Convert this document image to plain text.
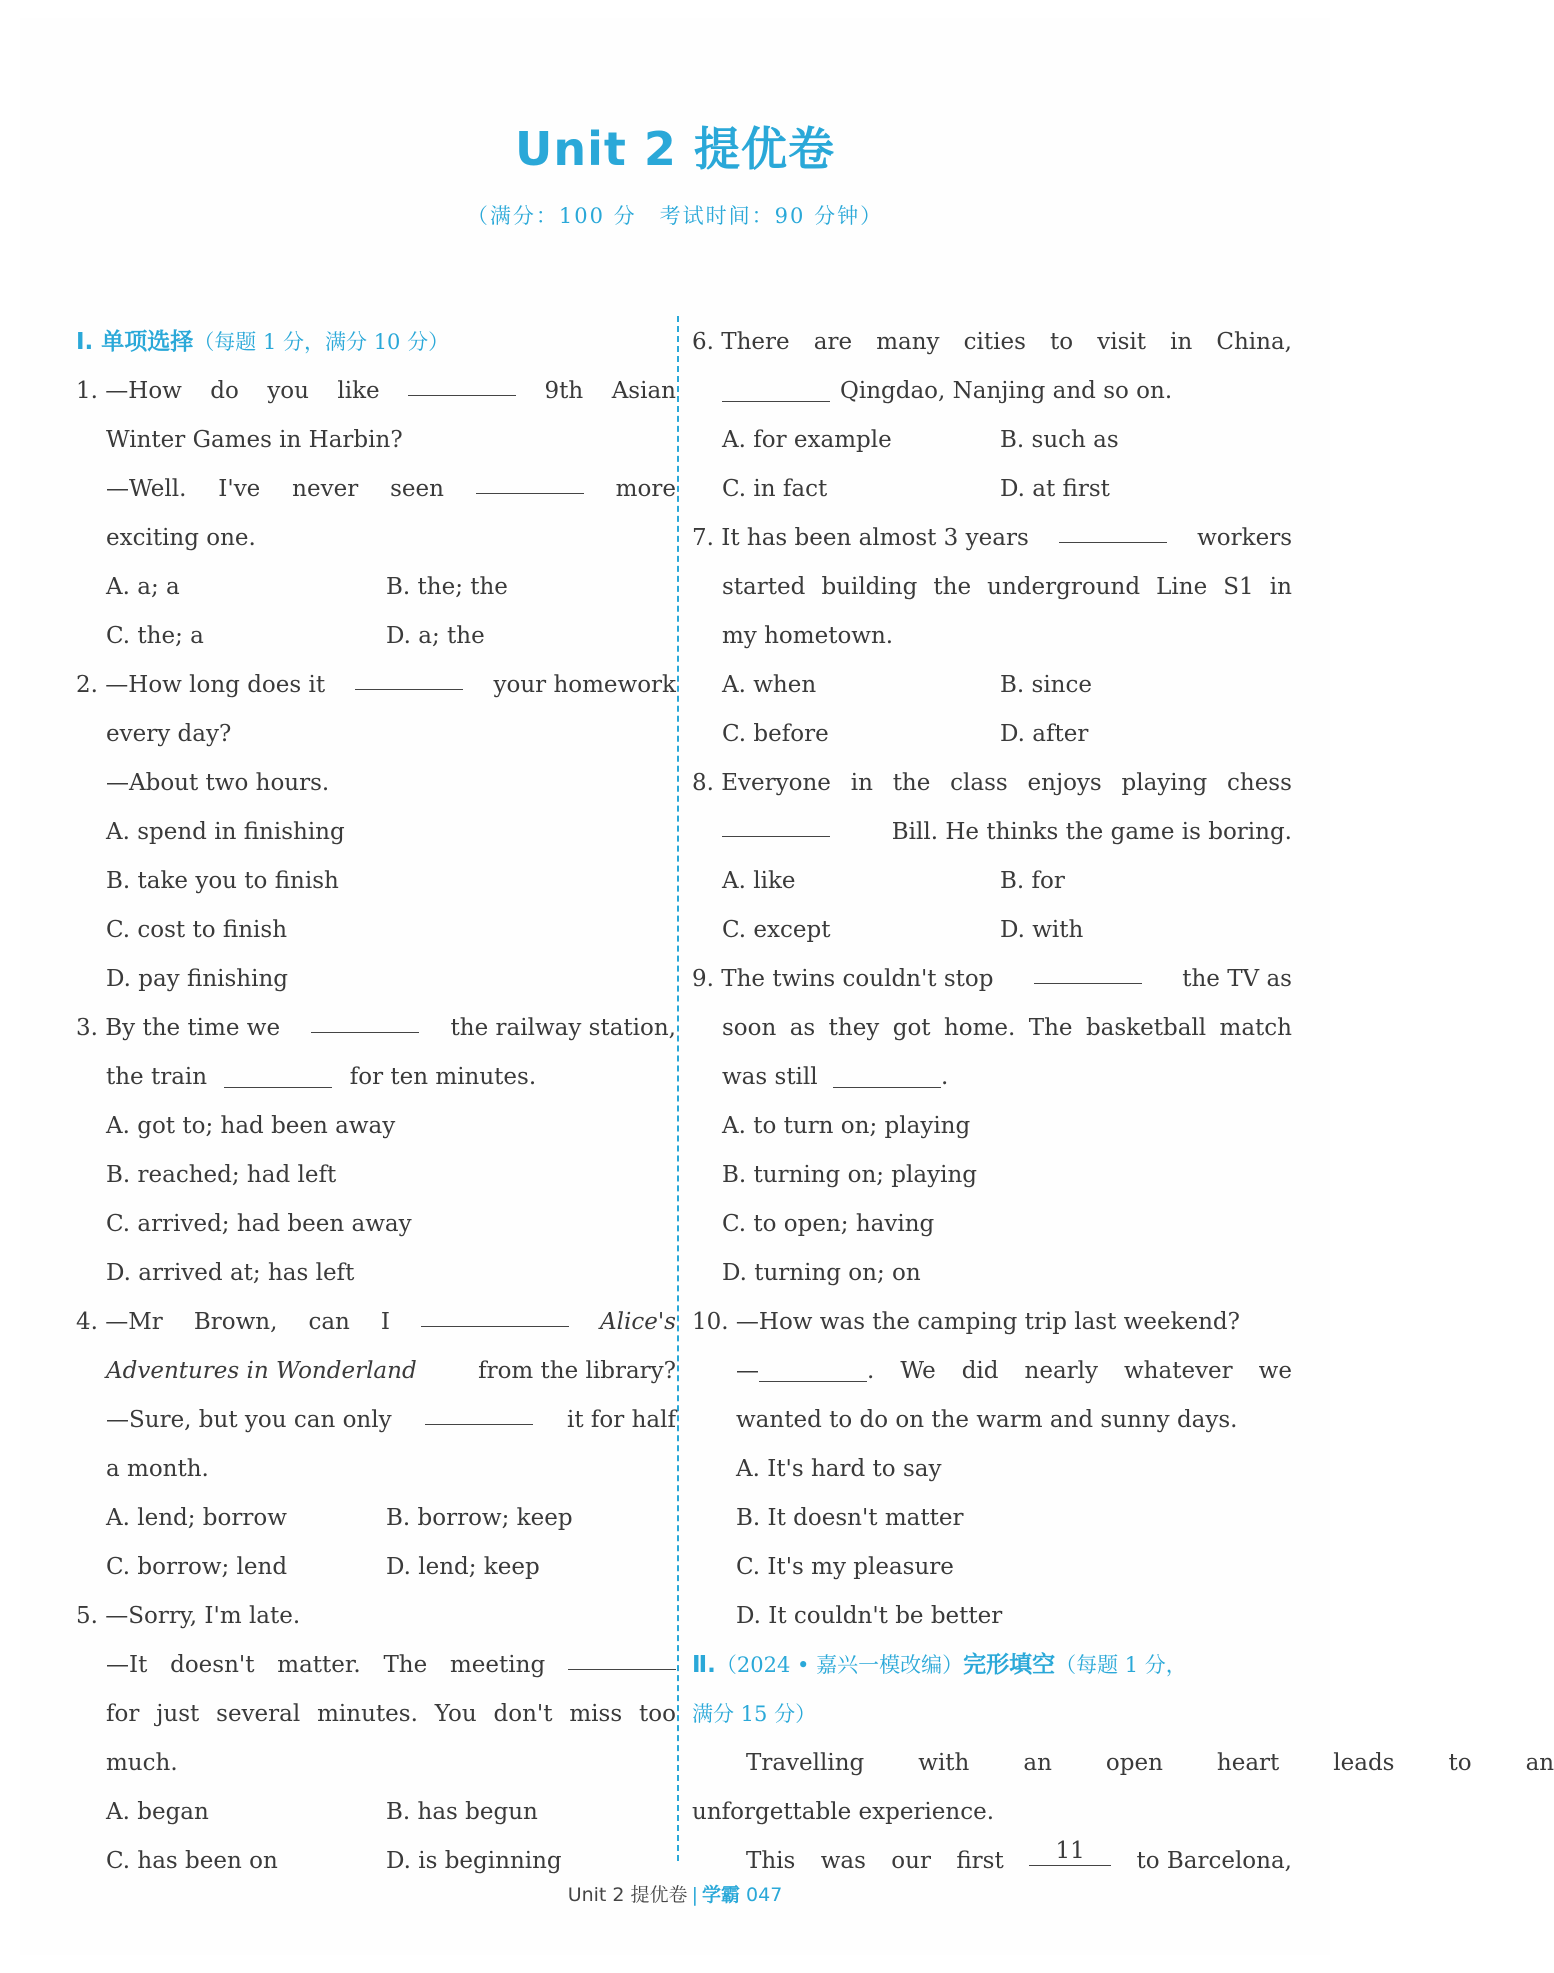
Unit 2 提优卷
（满分：100 分　考试时间：90 分钟）
Ⅰ. 单项选择（每题 1 分，满分 10 分）
1. —How do you like	9th Asian
Winter Games in Harbin?
—Well. I've never seen	more
exciting one.
A. a; a	B. the; the
C. the; a	D. a; the
2. —How long does it	your homework
every day?
—About two hours.
A. spend in finishing
B. take you to finish
C. cost to finish
D. pay finishing
3. By the time we	the railway station,
the train	for ten minutes.
A. got to; had been away
B. reached; had left
C. arrived; had been away
D. arrived at; has left
4. —Mr Brown, can I	Alice's
Adventures in Wonderland	from the library?
—Sure, but you can only	it for half
a month.
A. lend; borrow	B. borrow; keep
C. borrow; lend	D. lend; keep
5. —Sorry, I'm late.
—It doesn't matter. The meeting
for just several minutes. You don't miss too
much.
A. began	B. has begun
C. has been on	D. is beginning
6. There are many cities to visit in China,
Qingdao, Nanjing and so on.
A. for example	B. such as
C. in fact	D. at first
7. It has been almost 3 years	workers
started building the underground Line S1 in
my hometown.
A. when	B. since
C. before	D. after
8. Everyone in the class enjoys playing chess
Bill. He thinks the game is boring.
A. like	B. for
C. except	D. with
9. The twins couldn't stop	the TV as
soon as they got home. The basketball match
was still	.
A. to turn on; playing
B. turning on; playing
C. to open; having
D. turning on; on
10. —How was the camping trip last weekend?
—	. We did nearly whatever we
wanted to do on the warm and sunny days.
A. It's hard to say
B. It doesn't matter
C. It's my pleasure
D. It couldn't be better
Ⅱ.（2024 • 嘉兴一模改编）完形填空（每题 1 分，
满分 15 分）
Travelling	with	an	open	heart	leads	to	an
unforgettable experience.
This was our first	11	to Barcelona,
Unit 2 提优卷 | 学霸 047
